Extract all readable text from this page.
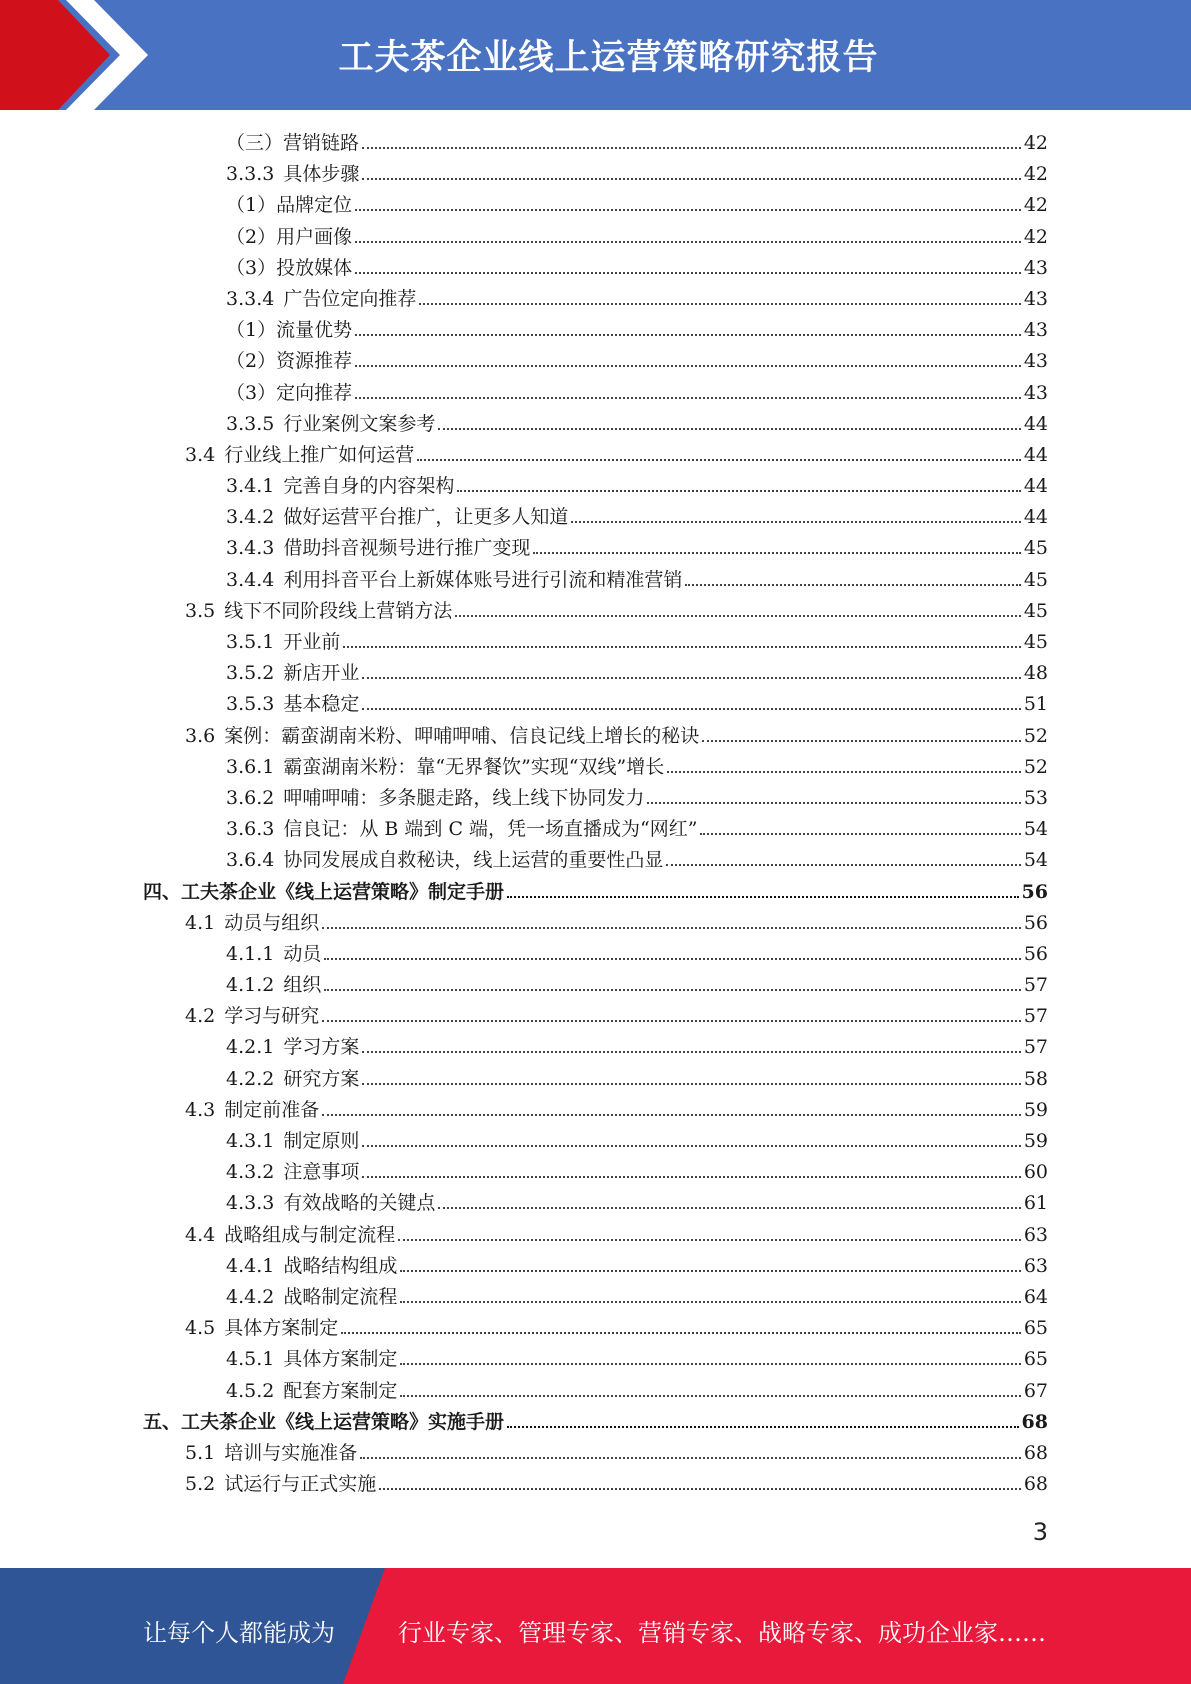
工夫茶企业线上运营策略研究报告
（三）营销链路	42
3.3.3 具体步骤	42
（1）品牌定位	42
（2）用户画像	42
（3）投放媒体	43
3.3.4 广告位定向推荐	43
（1）流量优势	43
（2）资源推荐	43
（3）定向推荐	43
3.3.5 行业案例文案参考	44
3.4 行业线上推广如何运营	44
3.4.1 完善自身的内容架构	44
3.4.2 做好运营平台推广，让更多人知道	44
3.4.3 借助抖音视频号进行推广变现	45
3.4.4 利用抖音平台上新媒体账号进行引流和精准营销	45
3.5 线下不同阶段线上营销方法	45
3.5.1 开业前	45
3.5.2 新店开业	48
3.5.3 基本稳定	51
3.6 案例：霸蛮湖南米粉、呷哺呷哺、信良记线上增长的秘诀	52
3.6.1 霸蛮湖南米粉：靠“无界餐饮”实现“双线”增长	52
3.6.2 呷哺呷哺：多条腿走路，线上线下协同发力	53
3.6.3 信良记：从 B 端到 C 端，凭一场直播成为“网红”	54
3.6.4 协同发展成自救秘诀，线上运营的重要性凸显	54
四、工夫茶企业《线上运营策略》制定手册	56
4.1 动员与组织	56
4.1.1 动员	56
4.1.2 组织	57
4.2 学习与研究	57
4.2.1 学习方案	57
4.2.2 研究方案	58
4.3 制定前准备	59
4.3.1 制定原则	59
4.3.2 注意事项	60
4.3.3 有效战略的关键点	61
4.4 战略组成与制定流程	63
4.4.1 战略结构组成	63
4.4.2 战略制定流程	64
4.5 具体方案制定	65
4.5.1 具体方案制定	65
4.5.2 配套方案制定	67
五、工夫茶企业《线上运营策略》实施手册	68
5.1 培训与实施准备	68
5.2 试运行与正式实施	68
3
让每个人都能成为	行业专家、管理专家、营销专家、战略专家、成功企业家……
